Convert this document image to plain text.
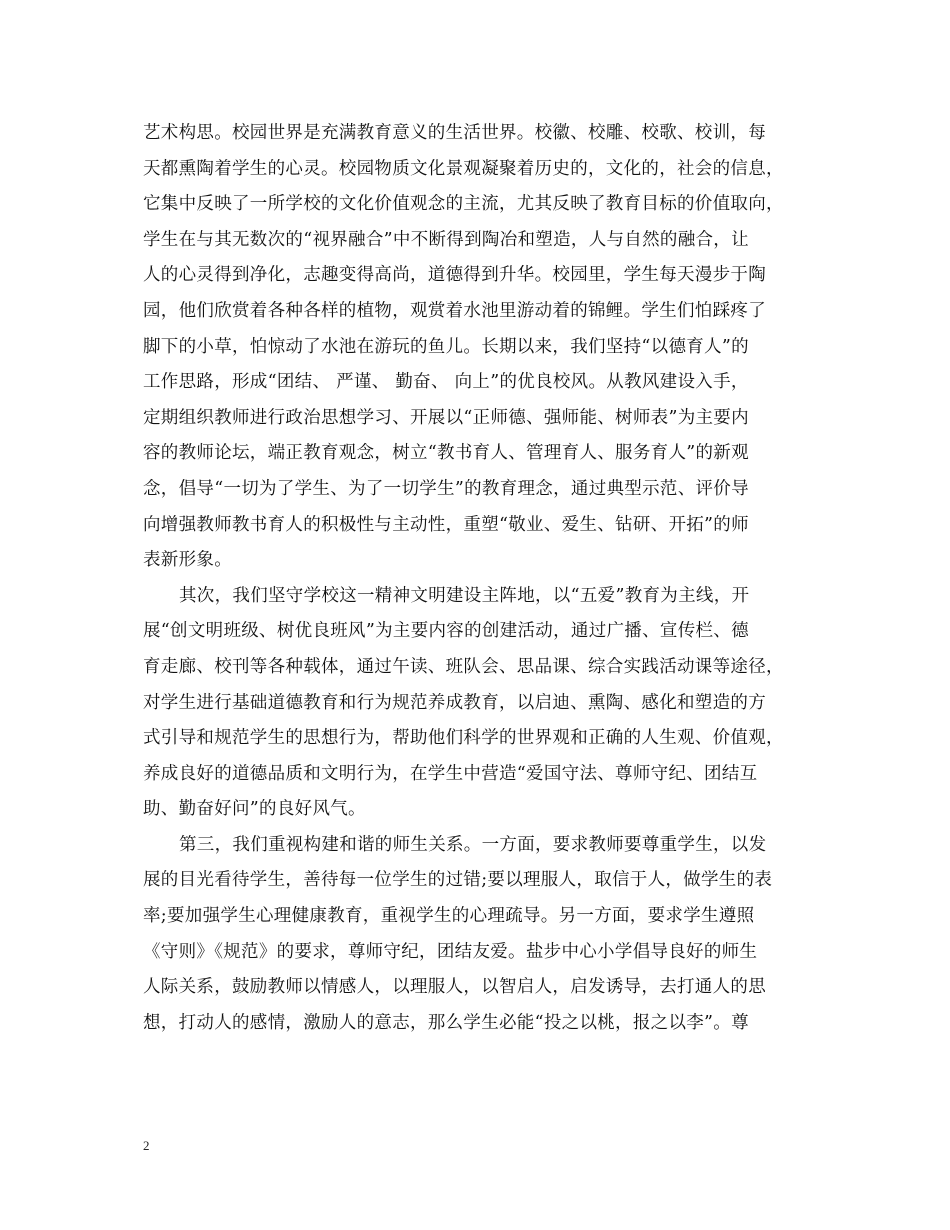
艺术构思。校园世界是充满教育意义的生活世界。校徽、校雕、校歌、校训，每
天都熏陶着学生的心灵。校园物质文化景观凝聚着历史的，文化的，社会的信息，
它集中反映了一所学校的文化价值观念的主流，尤其反映了教育目标的价值取向，
学生在与其无数次的“视界融合”中不断得到陶冶和塑造，人与自然的融合，让
人的心灵得到净化，志趣变得高尚，道德得到升华。校园里，学生每天漫步于陶
园，他们欣赏着各种各样的植物，观赏着水池里游动着的锦鲤。学生们怕踩疼了
脚下的小草，怕惊动了水池在游玩的鱼儿。长期以来，我们坚持“以德育人”的
工作思路，形成“团结、 严谨、 勤奋、 向上”的优良校风。从教风建设入手，
定期组织教师进行政治思想学习、开展以“正师德、强师能、树师表”为主要内
容的教师论坛，端正教育观念，树立“教书育人、管理育人、服务育人”的新观
念，倡导“一切为了学生、为了一切学生”的教育理念，通过典型示范、评价导
向增强教师教书育人的积极性与主动性，重塑“敬业、爱生、钻研、开拓”的师
表新形象。
其次，我们坚守学校这一精神文明建设主阵地，以“五爱”教育为主线，开
展“创文明班级、树优良班风”为主要内容的创建活动，通过广播、宣传栏、德
育走廊、校刊等各种载体，通过午读、班队会、思品课、综合实践活动课等途径，
对学生进行基础道德教育和行为规范养成教育，以启迪、熏陶、感化和塑造的方
式引导和规范学生的思想行为，帮助他们科学的世界观和正确的人生观、价值观，
养成良好的道德品质和文明行为，在学生中营造“爱国守法、尊师守纪、团结互
助、勤奋好问”的良好风气。
第三，我们重视构建和谐的师生关系。一方面，要求教师要尊重学生，以发
展的目光看待学生，善待每一位学生的过错;要以理服人，取信于人，做学生的表
率;要加强学生心理健康教育，重视学生的心理疏导。另一方面，要求学生遵照
《守则》《规范》的要求，尊师守纪，团结友爱。盐步中心小学倡导良好的师生
人际关系，鼓励教师以情感人，以理服人，以智启人，启发诱导，去打通人的思
想，打动人的感情，激励人的意志，那么学生必能“投之以桃，报之以李”。尊
2
